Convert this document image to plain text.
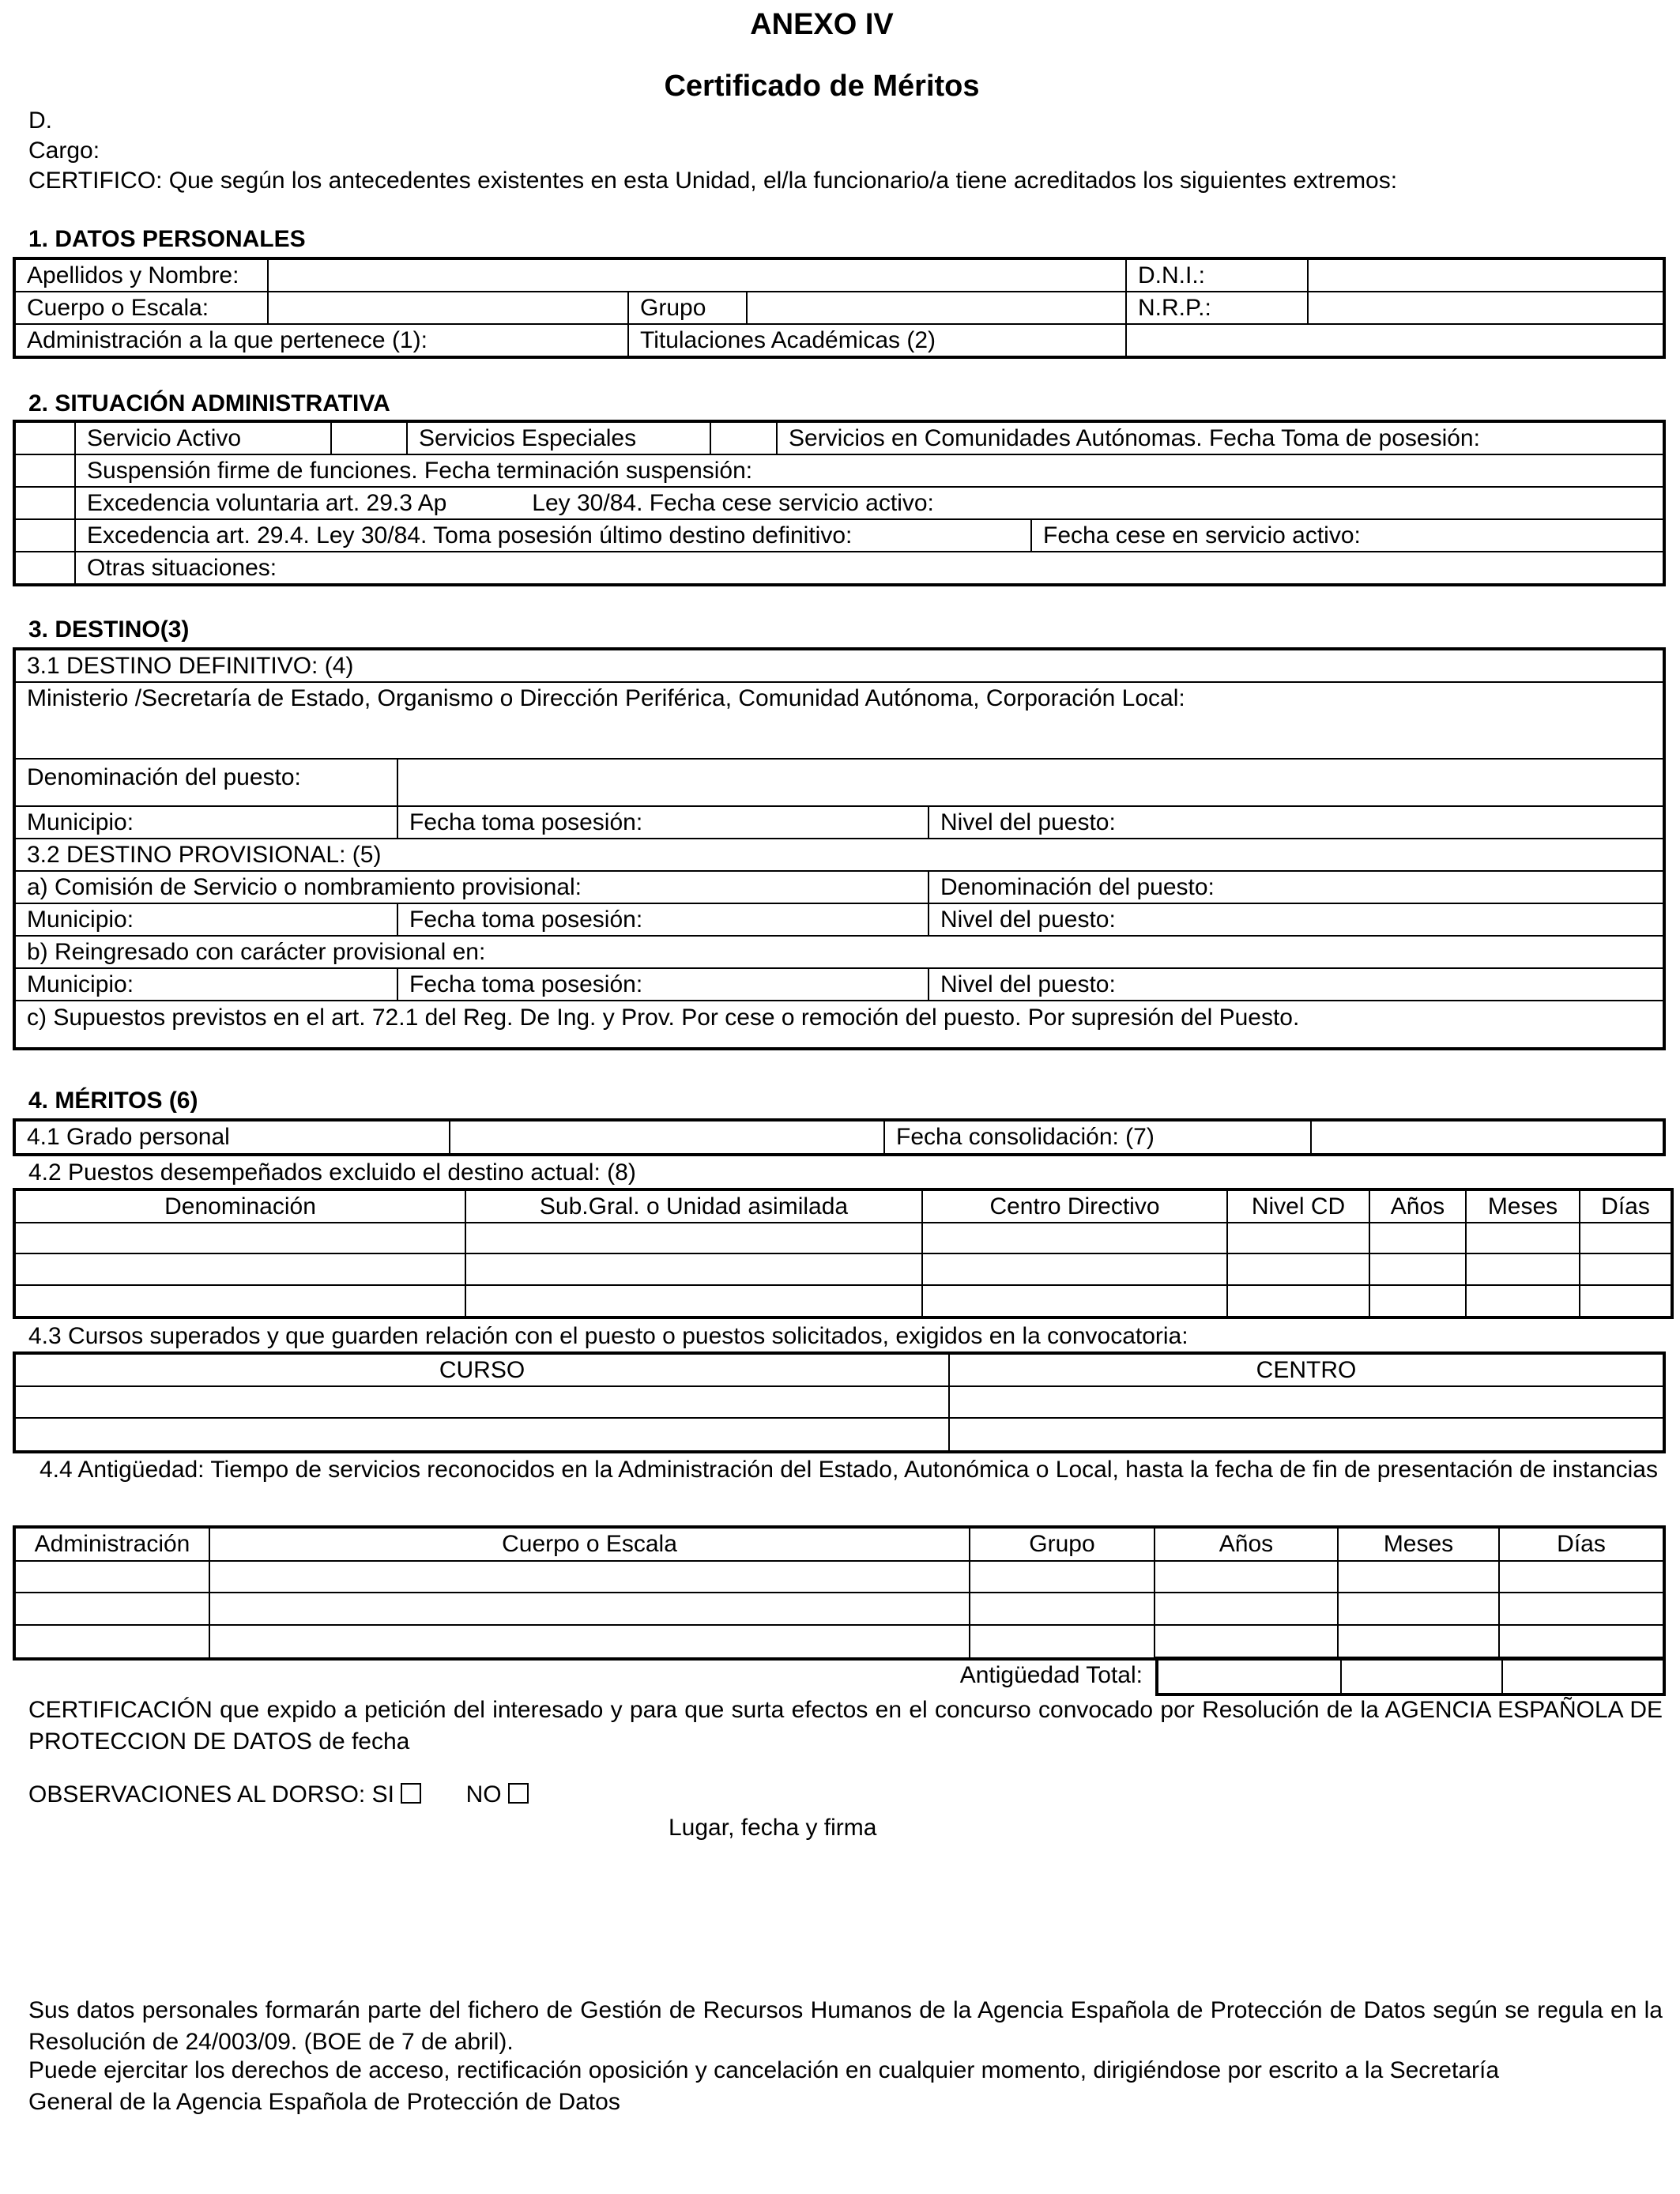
ANEXO IV
Certificado de Méritos
D.
Cargo:
CERTIFICO: Que según los antecedentes existentes en esta Unidad, el/la funcionario/a tiene acreditados los siguientes extremos:
1. DATOS PERSONALES
Apellidos y Nombre:				D.N.I.:	
Cuerpo o Escala:		Grupo		N.R.P.:	
Administración a la que pertenece (1):		Titulaciones Académicas (2)			
2. SITUACIÓN ADMINISTRATIVA
	Servicio Activo		Servicios Especiales		Servicios en Comunidades Autónomas. Fecha Toma de posesión:	
	Suspensión firme de funciones. Fecha terminación suspensión:					
	Excedencia voluntaria art. 29.3 Ap Ley 30/84. Fecha cese servicio activo:					
	Excedencia art. 29.4. Ley 30/84. Toma posesión último destino definitivo:					Fecha cese en servicio activo:
	Otras situaciones:					
3. DESTINO(3)
3.1 DESTINO DEFINITIVO: (4)		
Ministerio /Secretaría de Estado, Organismo o Dirección Periférica, Comunidad Autónoma, Corporación Local:		

Denominación del puesto:		
Municipio:	Fecha toma posesión:	Nivel del puesto:
3.2 DESTINO PROVISIONAL: (5)		
a) Comisión de Servicio o nombramiento provisional:		Denominación del puesto:
Municipio:	Fecha toma posesión:	Nivel del puesto:
b) Reingresado con carácter provisional en:		
Municipio:	Fecha toma posesión:	Nivel del puesto:
c) Supuestos previstos en el art. 72.1 del Reg. De Ing. y Prov. Por cese o remoción del puesto. Por supresión del Puesto.		
4. MÉRITOS (6)
4.1 Grado personal		Fecha consolidación: (7)	
4.2 Puestos desempeñados excluido el destino actual: (8)
Denominación	Sub.Gral. o Unidad asimilada	Centro Directivo	Nivel CD	Años	Meses	Días

4.3 Cursos superados y que guarden relación con el puesto o puestos solicitados, exigidos en la convocatoria:
CURSO	CENTRO

4.4 Antigüedad: Tiempo de servicios reconocidos en la Administración del Estado, Autonómica o Local, hasta la fecha de fin de presentación de instancias
Administración	Cuerpo o Escala	Grupo	Años	Meses	Días

Antigüedad Total:

CERTIFICACIÓN que expido a petición del interesado y para que surta efectos en el concurso convocado por Resolución de la AGENCIA ESPAÑOLA DE PROTECCION DE DATOS de fecha
OBSERVACIONES AL DORSO: SI	NO
Lugar, fecha y firma
Sus datos personales formarán parte del fichero de Gestión de Recursos Humanos de la Agencia Española de Protección de Datos según se regula en la Resolución de 24/003/09. (BOE de 7 de abril).
Puede ejercitar los derechos de acceso, rectificación oposición y cancelación en cualquier momento, dirigiéndose por escrito a la Secretaría General de la Agencia Española de Protección de Datos
